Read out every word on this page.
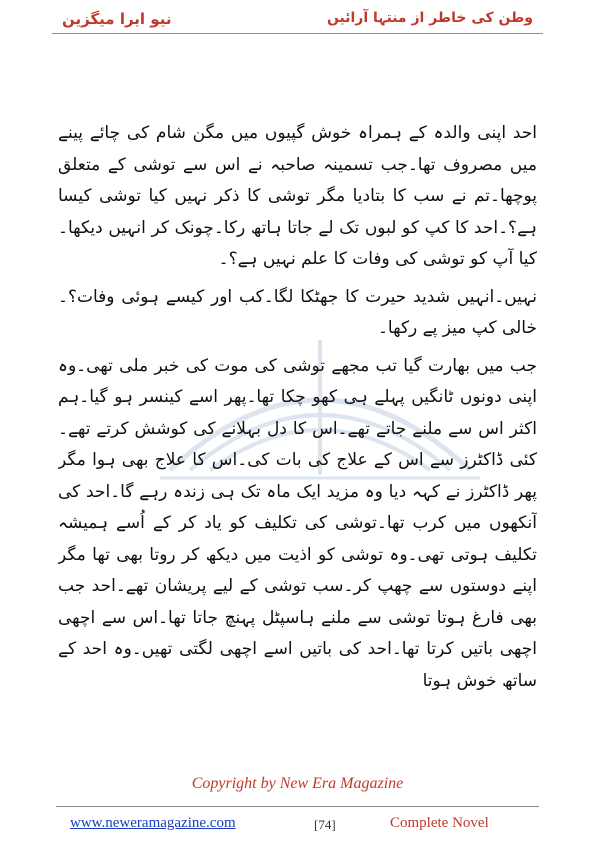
نیو ایرا میگزین	وطن کی خاطر از منتہا آرائیں

احد اپنی والدہ کے ہمراہ خوش گپیوں میں مگن شام کی چائے پینے میں مصروف تھا۔جب تسمینہ صاحبہ نے اس سے توشی کے متعلق پوچھا۔تم نے سب کا بتادیا مگر توشی کا ذکر نہیں کیا توشی کیسا ہے؟۔احد کا کپ کو لبوں تک لے جاتا ہاتھ رکا۔چونک کر انہیں دیکھا۔کیا آپ کو توشی کی وفات کا علم نہیں ہے؟۔

نہیں۔انہیں شدید حیرت کا جھٹکا لگا۔کب اور کیسے ہوئی وفات؟۔خالی کپ میز پے رکھا۔

جب میں بھارت گیا تب مجھے توشی کی موت کی خبر ملی تھی۔وہ اپنی دونوں ٹانگیں پہلے ہی کھو چکا تھا۔پھر اسے کینسر ہو گیا۔ہم اکثر اس سے ملنے جاتے تھے۔اس کا دل بہلانے کی کوشش کرتے تھے۔کئی ڈاکٹرز سے اس کے علاج کی بات کی۔اس کا علاج بھی ہوا مگر پھر ڈاکٹرز نے کہہ دیا وہ مزید ایک ماہ تک ہی زندہ رہے گا۔احد کی آنکھوں میں کرب تھا۔توشی کی تکلیف کو یاد کر کے اُسے ہمیشہ تکلیف ہوتی تھی۔وہ توشی کو اذیت میں دیکھ کر روتا بھی تھا مگر اپنے دوستوں سے چھپ کر۔سب توشی کے لیے پریشان تھے۔احد جب بھی فارغ ہوتا توشی سے ملنے ہاسپٹل پہنچ جاتا تھا۔اس سے اچھی اچھی باتیں کرتا تھا۔احد کی باتیں اسے اچھی لگتی تھیں۔وہ احد کے ساتھ خوش ہوتا

Copyright by New Era Magazine
www.neweramagazine.com	[74]	Complete Novel
